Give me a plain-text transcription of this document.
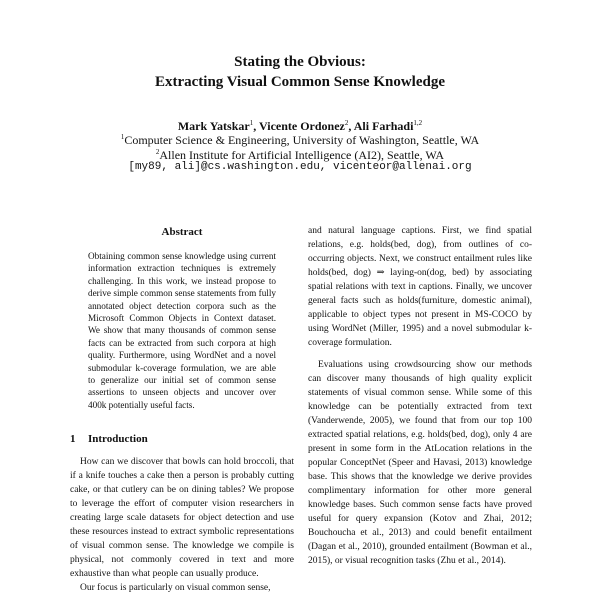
Stating the Obvious:
Extracting Visual Common Sense Knowledge
Mark Yatskar$^1$, Vicente Ordonez$^2$, Ali Farhadi$^{1,2}$
$^1$Computer Science & Engineering, University of Washington, Seattle, WA
$^2$Allen Institute for Artificial Intelligence (AI2), Seattle, WA
[my89, ali]@cs.washington.edu, vicenteor@allenai.org
Abstract

Obtaining common sense knowledge using current information extraction techniques is extremely challenging. In this work, we instead propose to derive simple common sense statements from fully annotated object detection corpora such as the Microsoft Common Objects in Context dataset. We show that many thousands of common sense facts can be extracted from such corpora at high quality. Furthermore, using WordNet and a novel submodular k-coverage formulation, we are able to generalize our initial set of common sense assertions to unseen objects and uncover over 400k potentially useful facts.

1 Introduction

How can we discover that bowls can hold broccoli, that if a knife touches a cake then a person is probably cutting cake, or that cutlery can be on dining tables? We propose to leverage the effort of computer vision researchers in creating large scale datasets for object detection and use these resources instead to extract symbolic representations of visual common sense. The knowledge we compile is physical, not commonly covered in text and more exhaustive than what people can usually produce.

Our focus is particularly on visual common sense,

and natural language captions. First, we find spatial relations, e.g. holds(bed, dog), from outlines of co-occurring objects. Next, we construct entailment rules like holds(bed, dog) ⇒ laying-on(dog, bed) by associating spatial relations with text in captions. Finally, we uncover general facts such as holds(furniture, domestic animal), applicable to object types not present in MS-COCO by using WordNet (Miller, 1995) and a novel submodular k-coverage formulation.

Evaluations using crowdsourcing show our methods can discover many thousands of high quality explicit statements of visual common sense. While some of this knowledge can be potentially extracted from text (Vanderwende, 2005), we found that from our top 100 extracted spatial relations, e.g. holds(bed, dog), only 4 are present in some form in the AtLocation relations in the popular ConceptNet (Speer and Havasi, 2013) knowledge base. This shows that the knowledge we derive provides complimentary information for other more general knowledge bases. Such common sense facts have proved useful for query expansion (Kotov and Zhai, 2012; Bouchoucha et al., 2013) and could benefit entailment (Dagan et al., 2010), grounded entailment (Bowman et al., 2015), or visual recognition tasks (Zhu et al., 2014).
